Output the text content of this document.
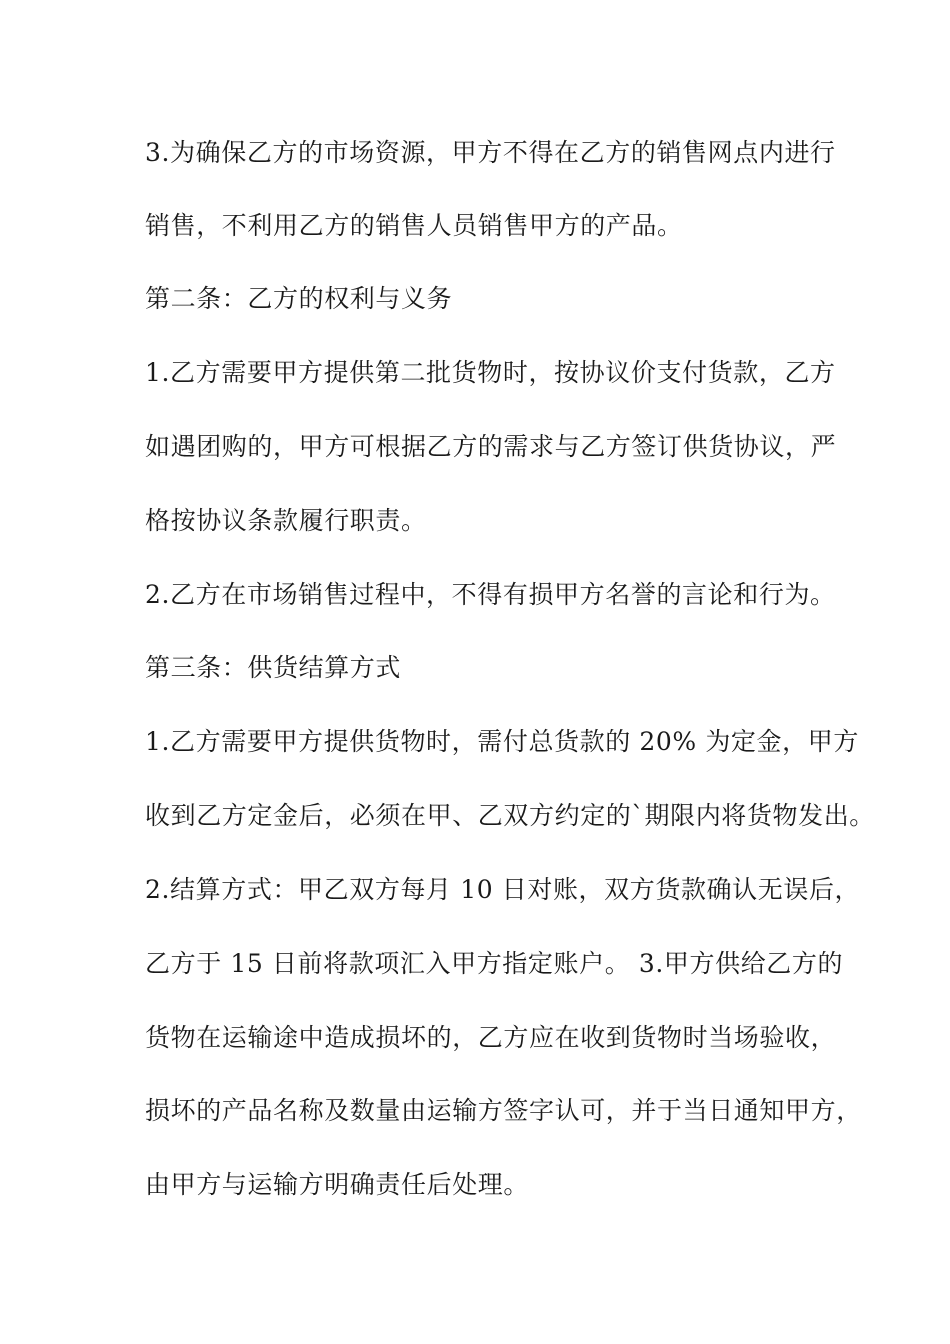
3.为确保乙方的市场资源，甲方不得在乙方的销售网点内进行
销售，不利用乙方的销售人员销售甲方的产品。
第二条：乙方的权利与义务
1.乙方需要甲方提供第二批货物时，按协议价支付货款，乙方
如遇团购的，甲方可根据乙方的需求与乙方签订供货协议，严
格按协议条款履行职责。
2.乙方在市场销售过程中，不得有损甲方名誉的言论和行为。
第三条：供货结算方式
1.乙方需要甲方提供货物时，需付总货款的 20% 为定金，甲方
收到乙方定金后，必须在甲、乙双方约定的`期限内将货物发出。
2.结算方式：甲乙双方每月 10 日对账，双方货款确认无误后，
乙方于 15 日前将款项汇入甲方指定账户。 3.甲方供给乙方的
货物在运输途中造成损坏的，乙方应在收到货物时当场验收，
损坏的产品名称及数量由运输方签字认可，并于当日通知甲方，
由甲方与运输方明确责任后处理。
